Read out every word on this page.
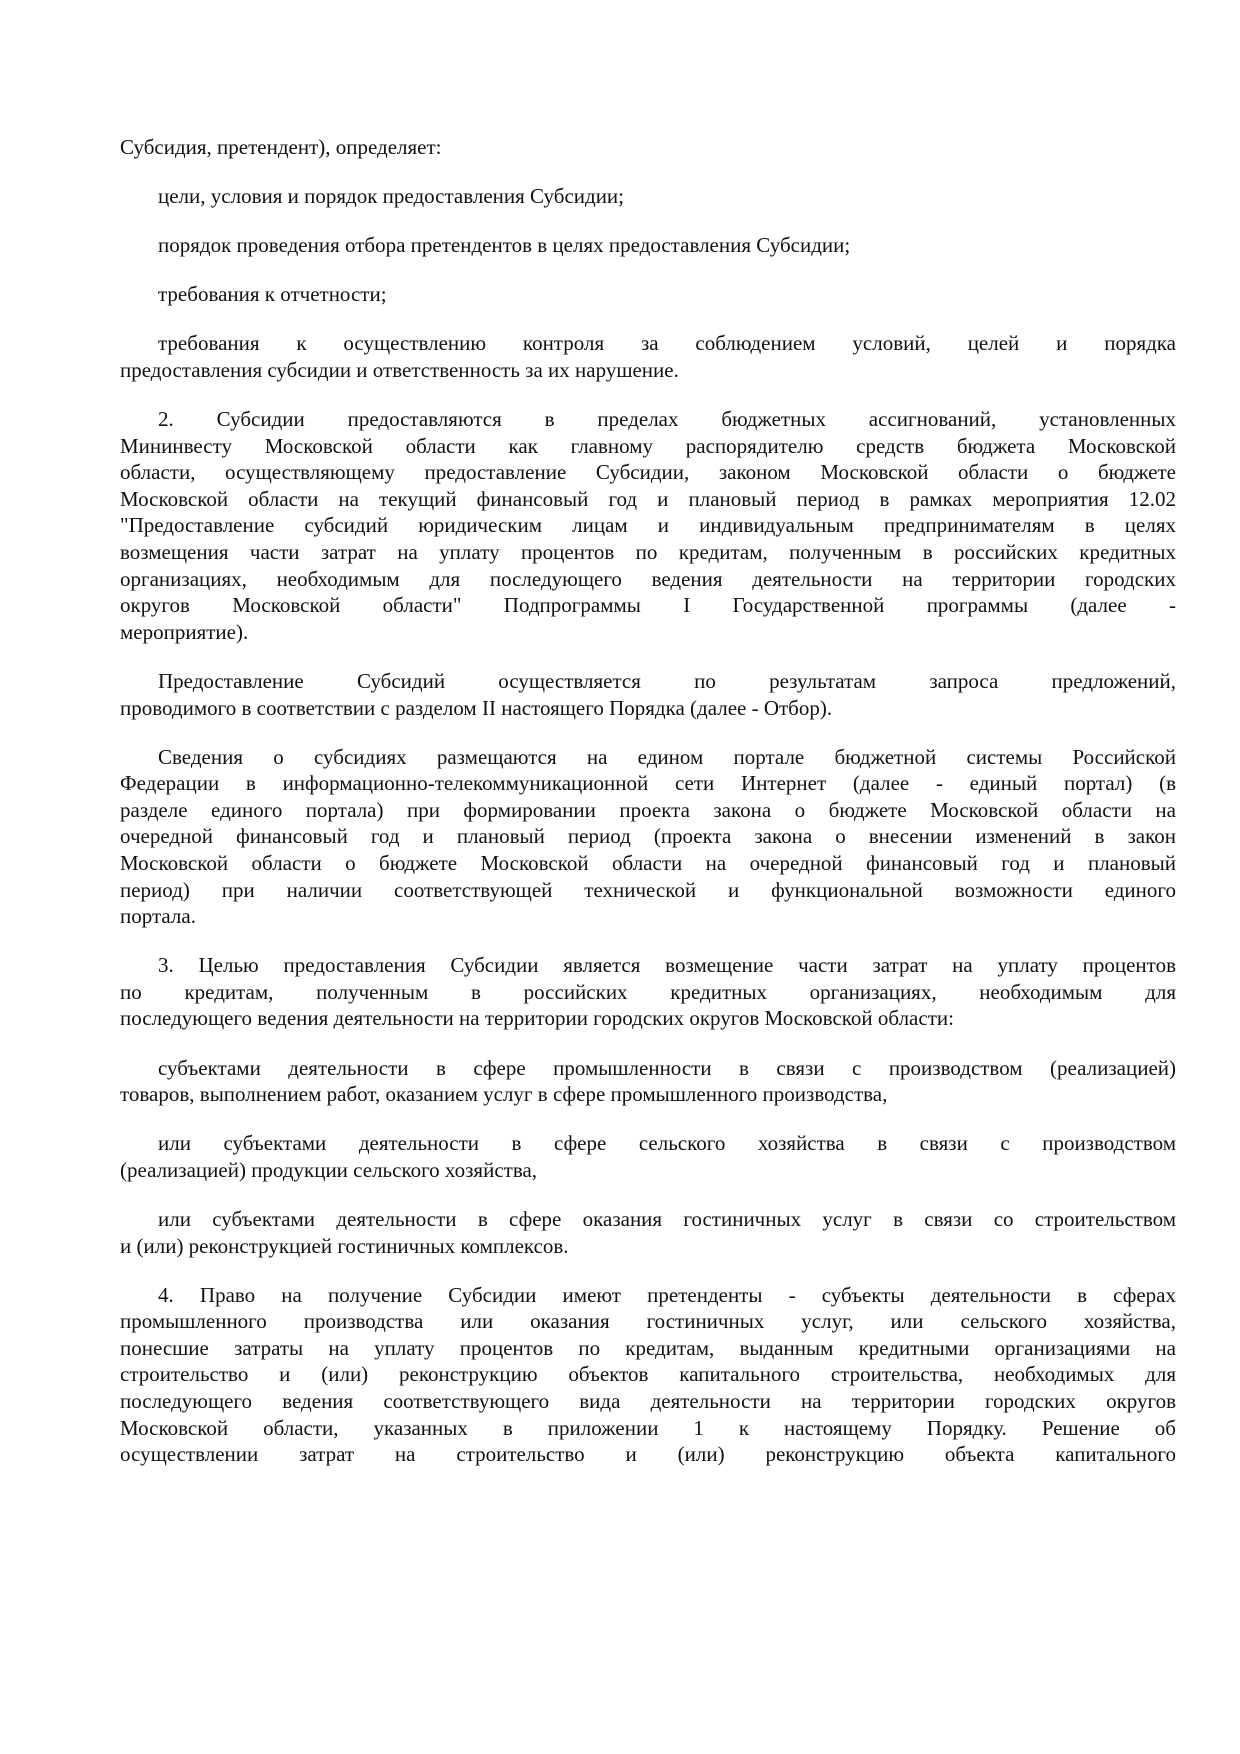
Субсидия, претендент), определяет:
цели, условия и порядок предоставления Субсидии;
порядок проведения отбора претендентов в целях предоставления Субсидии;
требования к отчетности;
требования к осуществлению контроля за соблюдением условий, целей и порядка
предоставления субсидии и ответственность за их нарушение.
2. Субсидии предоставляются в пределах бюджетных ассигнований, установленных
Мининвесту Московской области как главному распорядителю средств бюджета Московской
области, осуществляющему предоставление Субсидии, законом Московской области о бюджете
Московской области на текущий финансовый год и плановый период в рамках мероприятия 12.02
"Предоставление субсидий юридическим лицам и индивидуальным предпринимателям в целях
возмещения части затрат на уплату процентов по кредитам, полученным в российских кредитных
организациях, необходимым для последующего ведения деятельности на территории городских
округов Московской области" Подпрограммы I Государственной программы (далее -
мероприятие).
Предоставление Субсидий осуществляется по результатам запроса предложений,
проводимого в соответствии с разделом II настоящего Порядка (далее - Отбор).
Сведения о субсидиях размещаются на едином портале бюджетной системы Российской
Федерации в информационно-телекоммуникационной сети Интернет (далее - единый портал) (в
разделе единого портала) при формировании проекта закона о бюджете Московской области на
очередной финансовый год и плановый период (проекта закона о внесении изменений в закон
Московской области о бюджете Московской области на очередной финансовый год и плановый
период) при наличии соответствующей технической и функциональной возможности единого
портала.
3. Целью предоставления Субсидии является возмещение части затрат на уплату процентов
по кредитам, полученным в российских кредитных организациях, необходимым для
последующего ведения деятельности на территории городских округов Московской области:
субъектами деятельности в сфере промышленности в связи с производством (реализацией)
товаров, выполнением работ, оказанием услуг в сфере промышленного производства,
или субъектами деятельности в сфере сельского хозяйства в связи с производством
(реализацией) продукции сельского хозяйства,
или субъектами деятельности в сфере оказания гостиничных услуг в связи со строительством
и (или) реконструкцией гостиничных комплексов.
4. Право на получение Субсидии имеют претенденты - субъекты деятельности в сферах
промышленного производства или оказания гостиничных услуг, или сельского хозяйства,
понесшие затраты на уплату процентов по кредитам, выданным кредитными организациями на
строительство и (или) реконструкцию объектов капитального строительства, необходимых для
последующего ведения соответствующего вида деятельности на территории городских округов
Московской области, указанных в приложении 1 к настоящему Порядку. Решение об
осуществлении затрат на строительство и (или) реконструкцию объекта капитального
